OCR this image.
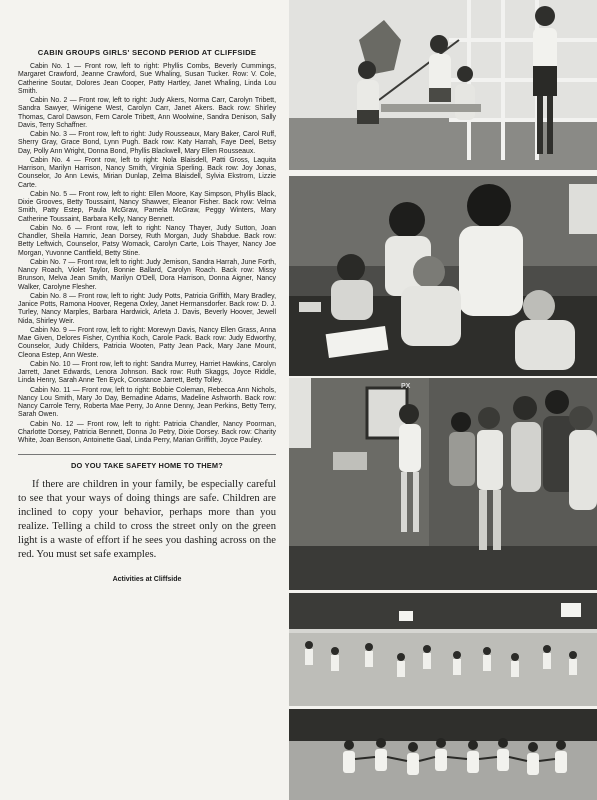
CABIN GROUPS GIRLS' SECOND PERIOD AT CLIFFSIDE

Cabin No. 1 — Front row, left to right: Phyllis Combs, Beverly Cummings, Margaret Crawford, Jeanne Crawford, Sue Whaling, Susan Tucker. Row: V. Cole, Catherine Soutar, Dolores Jean Cooper, Patty Hartley, Janet Whaling, Linda Lou Smith.

Cabin No. 2 — Front row, left to right: Judy Akers, Norma Carr, Carolyn Tribett, Sandra Sawyer, Winigene West, Carolyn Carr, Janet Akers. Back row: Shirley Thomas, Carol Dawson, Fern Carole Tribett, Ann Woolwine, Sandra Denison, Sally Davis, Terry Schaffner.

Cabin No. 3 — Front row, left to right: Judy Rousseaux, Mary Baker, Carol Ruff, Sherry Gray, Grace Bond, Lynn Pugh. Back row: Katy Harrah, Faye Deel, Betsy Day, Polly Ann Wright, Donna Bond, Phyllis Blackwell, Mary Ellen Rousseaux.

Cabin No. 4 — Front row, left to right: Nola Blaisdell, Patti Gross, Laquita Harrison, Marilyn Harrison, Nancy Smith, Virginia Sperling. Back row: Joy Jonas, Counselor, Jo Ann Lewis, Mirian Dunlap, Zelma Blaisdell, Sylvia Ekstrom, Lizzie Carte.

Cabin No. 5 — Front row, left to right: Ellen Moore, Kay Simpson, Phyllis Black, Dixie Grooves, Betty Toussaint, Nancy Shawver, Eleanor Fisher. Back row: Velma Smith, Patty Estep, Paula McGraw, Pamela McGraw, Peggy Winters, Mary Catherine Toussaint, Barbara Kelly, Nancy Bennett.

Cabin No. 6 — Front row, left to right: Nancy Thayer, Judy Sutton, Joan Chandler, Sheila Hamric, Jean Dorsey, Ruth Morgan, Judy Shabdue. Back row: Betty Leftwich, Counselor, Patsy Womack, Carolyn Carte, Lois Thayer, Nancy Joe Morgan, Yuvonne Cantfield, Betty Stine.

Cabin No. 7 — Front row, left to right: Judy Jemison, Sandra Harrah, June Forth, Nancy Roach, Violet Taylor, Bonnie Ballard, Carolyn Roach. Back row: Missy Brunson, Melva Jean Smith, Marilyn O'Dell, Dora Harrison, Donna Aigner, Nancy Walker, Carolyne Flesher.

Cabin No. 8 — Front row, left to right: Judy Potts, Patricia Griffith, Mary Bradley, Janice Potts, Ramona Hoover, Regena Oxley, Janet Hermansdorfer. Back row: D. J. Turley, Nancy Marples, Barbara Hardwick, Arleta J. Davis, Beverly Hoover, Jewell Nida, Shirley Weir.

Cabin No. 9 — Front row, left to right: Morewyn Davis, Nancy Ellen Grass, Anna Mae Given, Delores Fisher, Cynthia Koch, Carole Pack. Back row: Judy Edworthy, Counselor, Judy Childers, Patricia Wooten, Patty Jean Pack, Mary Jane Mount, Cleona Estep, Ann Weste.

Cabin No. 10 — Front row, left to right: Sandra Murrey, Harriet Hawkins, Carolyn Jarrett, Janet Edwards, Lenora Johnson. Back row: Ruth Skaggs, Joyce Riddle, Linda Henry, Sarah Anne Ten Eyck, Constance Jarrett, Betty Tolley.

Cabin No. 11 — Front row, left to right: Bobbie Coleman, Rebecca Ann Nichols, Nancy Lou Smith, Mary Jo Day, Bernadine Adams, Madeline Ashworth. Back row: Nancy Carrole Terry, Roberta Mae Perry, Jo Anne Denny, Jean Perkins, Betty Terry, Sarah Owen.

Cabin No. 12 — Front row, left to right: Patricia Chandler, Nancy Poorman, Charlotte Dorsey, Patricia Bennett, Donna Jo Petry, Dixie Dorsey. Back row: Charity White, Joan Benson, Antoinette Gaal, Linda Perry, Marian Griffith, Joyce Pauley.

DO YOU TAKE SAFETY HOME TO THEM?

If there are children in your family, be especially careful to see that your ways of doing things are safe. Children are inclined to copy your behavior, perhaps more than you realize. Telling a child to cross the street only on the green light is a waste of effort if he sees you dashing across on the red. You must set safe examples.

Activities at Cliffside
PX
